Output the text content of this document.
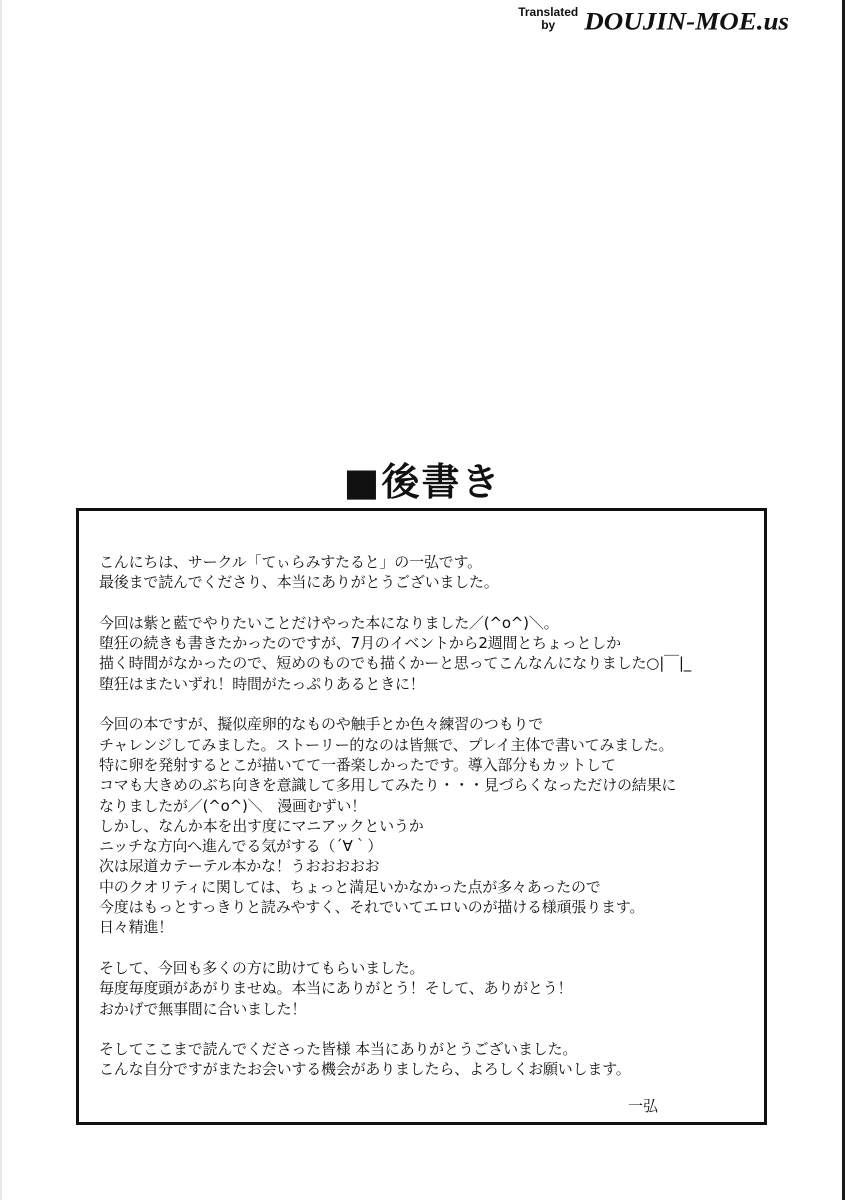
Translated
by	DOUJIN-MOE.us
■後書き
こんにちは、サークル「てぃらみすたると」の一弘です。
最後まで読んでくださり、本当にありがとうございました。
今回は紫と藍でやりたいことだけやった本になりました／(^o^)＼。
堕狂の続きも書きたかったのですが、7月のイベントから2週間とちょっとしか
描く時間がなかったので、短めのものでも描くかーと思ってこんなんになりました○|￣|_
堕狂はまたいずれ！時間がたっぷりあるときに！
今回の本ですが、擬似産卵的なものや触手とか色々練習のつもりで
チャレンジしてみました。ストーリー的なのは皆無で、プレイ主体で書いてみました。
特に卵を発射するとこが描いてて一番楽しかったです。導入部分もカットして
コマも大きめのぶち向きを意識して多用してみたり・・・見づらくなっただけの結果に
なりましたが／(^o^)＼　漫画むずい！
しかし、なんか本を出す度にマニアックというか
ニッチな方向へ進んでる気がする（´∀｀）
次は尿道カテーテル本かな！うおおおおお
中のクオリティに関しては、ちょっと満足いかなかった点が多々あったので
今度はもっとすっきりと読みやすく、それでいてエロいのが描ける様頑張ります。
日々精進！
そして、今回も多くの方に助けてもらいました。
毎度毎度頭があがりませぬ。本当にありがとう！そして、ありがとう！
おかげで無事間に合いました！
そしてここまで読んでくださった皆様 本当にありがとうございました。
こんな自分ですがまたお会いする機会がありましたら、よろしくお願いします。
一弘
